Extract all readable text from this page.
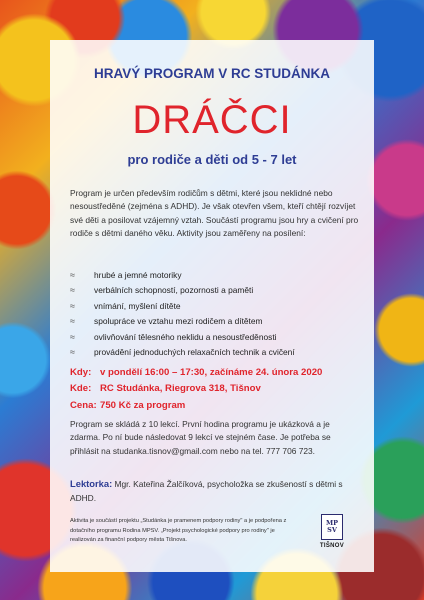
HRAVÝ PROGRAM V RC STUDÁNKA
DRÁČCI
pro rodiče a děti od 5 - 7 let
Program je určen především rodičům s dětmi, které jsou neklidné nebo nesoustředěné (zejména s ADHD). Je však otevřen všem, kteří chtějí rozvíjet své děti a posilovat vzájemný vztah. Součástí programu jsou hry a cvičení pro rodiče s dětmi daného věku. Aktivity jsou zaměřeny na posílení:
≈	hrubé a jemné motoriky
≈	verbálních schopností, pozornosti a paměti
≈	vnímání, myšlení dítěte
≈	spolupráce ve vztahu mezi rodičem a dítětem
≈	ovlivňování tělesného neklidu a nesoustředěnosti
≈	provádění jednoduchých relaxačních technik a cvičení
Kdy: v pondělí 16:00 – 17:30, začínáme 24. února 2020
Kde: RC Studánka, Riegrova 318, Tišnov
Cena: 750 Kč za program
Program se skládá z 10 lekcí. První hodina programu je ukázková a je zdarma. Po ní bude následovat 9 lekcí ve stejném čase. Je potřeba se přihlásit na studanka.tisnov@gmail.com nebo na tel. 777 706 723.
Lektorka: Mgr. Kateřina Žalčíková, psycholožka se zkušeností s dětmi s ADHD.
Aktivita je součástí projektu „Studánka je pramenem podpory rodiny" a je podpořena z dotačního programu Rodina MPSV. „Projekt psychologické podpory pro rodiny" je realizován za finanční podpory města Tišnova.
MP
SV
TIŠNOV
